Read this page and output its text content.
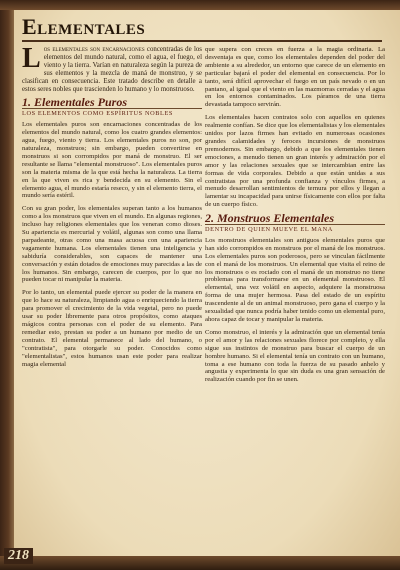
Elementales

Los elementales son encarnaciones concentradas de los elementos del mundo natural, como el agua, el fuego, el viento y la tierra. Varían en naturaleza según la pureza de sus elementos y la mezcla de maná de monstruo, y se clasifican en consecuencia. Este tratado describe en detalle a estos seres nobles que trascienden lo humano y lo monstruoso.

1. Elementales Puros
LOS ELEMENTOS COMO ESPÍRITUS NOBLES

Los elementales puros son encarnaciones concentradas de los elementos del mundo natural, como los cuatro grandes elementos: agua, fuego, viento y tierra. Los elementales puros no son, por naturaleza, monstruos; sin embargo, pueden convertirse en monstruos si son corrompidos por maná de monstruo. El ser resultante se llama "elemental monstruoso". Los elementales puros son la materia misma de la que está hecha la naturaleza. La tierra en la que viven es rica y bendecida en su elemento. Sin el elemento agua, el mundo estaría reseco, y sin el elemento tierra, el mundo sería estéril.

Con su gran poder, los elementales superan tanto a los humanos como a los monstruos que viven en el mundo. En algunas regiones, incluso hay religiones elementales que los veneran como dioses. Su apariencia es mercurial y volátil, algunas son como una llama parpadeante, otras como una masa acuosa con una apariencia vagamente humana. Los elementales tienen una inteligencia y sabiduría considerables, son capaces de mantener una conversación y están dotados de emociones muy parecidas a las de los humanos. Sin embargo, carecen de cuerpos, por lo que no pueden tocar ni manipular la materia.

Por lo tanto, un elemental puede ejercer su poder de la manera en que lo hace su naturaleza, limpiando agua o enriqueciendo la tierra para promover el crecimiento de la vida vegetal, pero no puede usar su poder libremente para otros propósitos, como ataques mágicos contra personas con el poder de su elemento. Para remediar esto, prestan su poder a un humano por medio de un contrato. El elemental permanece al lado del humano, o "contratista", para otorgarle su poder. Conocidos como "elementalistas", estos humanos usan este poder para realizar magia elemental

que supera con creces en fuerza a la magia ordinaria. La desventaja es que, como los elementales dependen del poder del ambiente a su alrededor, un entorno que carece de un elemento en particular bajará el poder del elemental en consecuencia. Por lo tanto, será difícil aprovechar el fuego en un país nevado o en un pantano, al igual que el viento en las mazmorras cerradas y el agua en los entornos contaminados. Los páramos de una tierra devastada tampoco servirán.

Los elementales hacen contratos solo con aquellos en quienes realmente confían. Se dice que los elementalistas y los elementales unidos por lazos firmes han evitado en numerosas ocasiones grandes calamidades y feroces incursiones de monstruos premodernos. Sin embargo, debido a que los elementales tienen emociones, a menudo tienen un gran interés y admiración por el amor y las relaciones sexuales que se intercambian entre las formas de vida corporales. Debido a que están unidas a sus contratistas por una profunda confianza y vínculos firmes, a menudo desarrollan sentimientos de ternura por ellos y llegan a lamentar su incapacidad para unirse físicamente con ellos por falta de un cuerpo físico.

2. Monstruos Elementales
DENTRO DE QUIEN MUEVE EL MANA

Los monstruos elementales son antiguos elementales puros que han sido corrompidos en monstruos por el maná de los monstruos. Los elementales puros son poderosos, pero se vinculan fácilmente con el maná de los monstruos. Un elemental que visita el reino de los monstruos o es rociado con el maná de un monstruo no tiene problemas para transformarse en un elemental monstruoso. El elemental, una vez volátil en aspecto, adquiere la monstruosa forma de una mujer hermosa. Pasa del estado de un espíritu trascendente al de un animal monstruoso, pero gana el cuerpo y la sexualidad que nunca podría haber tenido como un elemental puro, ahora capaz de tocar y manipular la materia.

Como monstruo, el interés y la admiración que un elemental tenía por el amor y las relaciones sexuales florece por completo, y ella sigue sus instintos de monstruo para buscar el cuerpo de un hombre humano. Si el elemental tenía un contrato con un humano, toma a ese humano con toda la fuerza de su pasado anhelo y angustia y experimenta lo que sin duda es una gran sensación de realización cuando por fin se unen.

218
